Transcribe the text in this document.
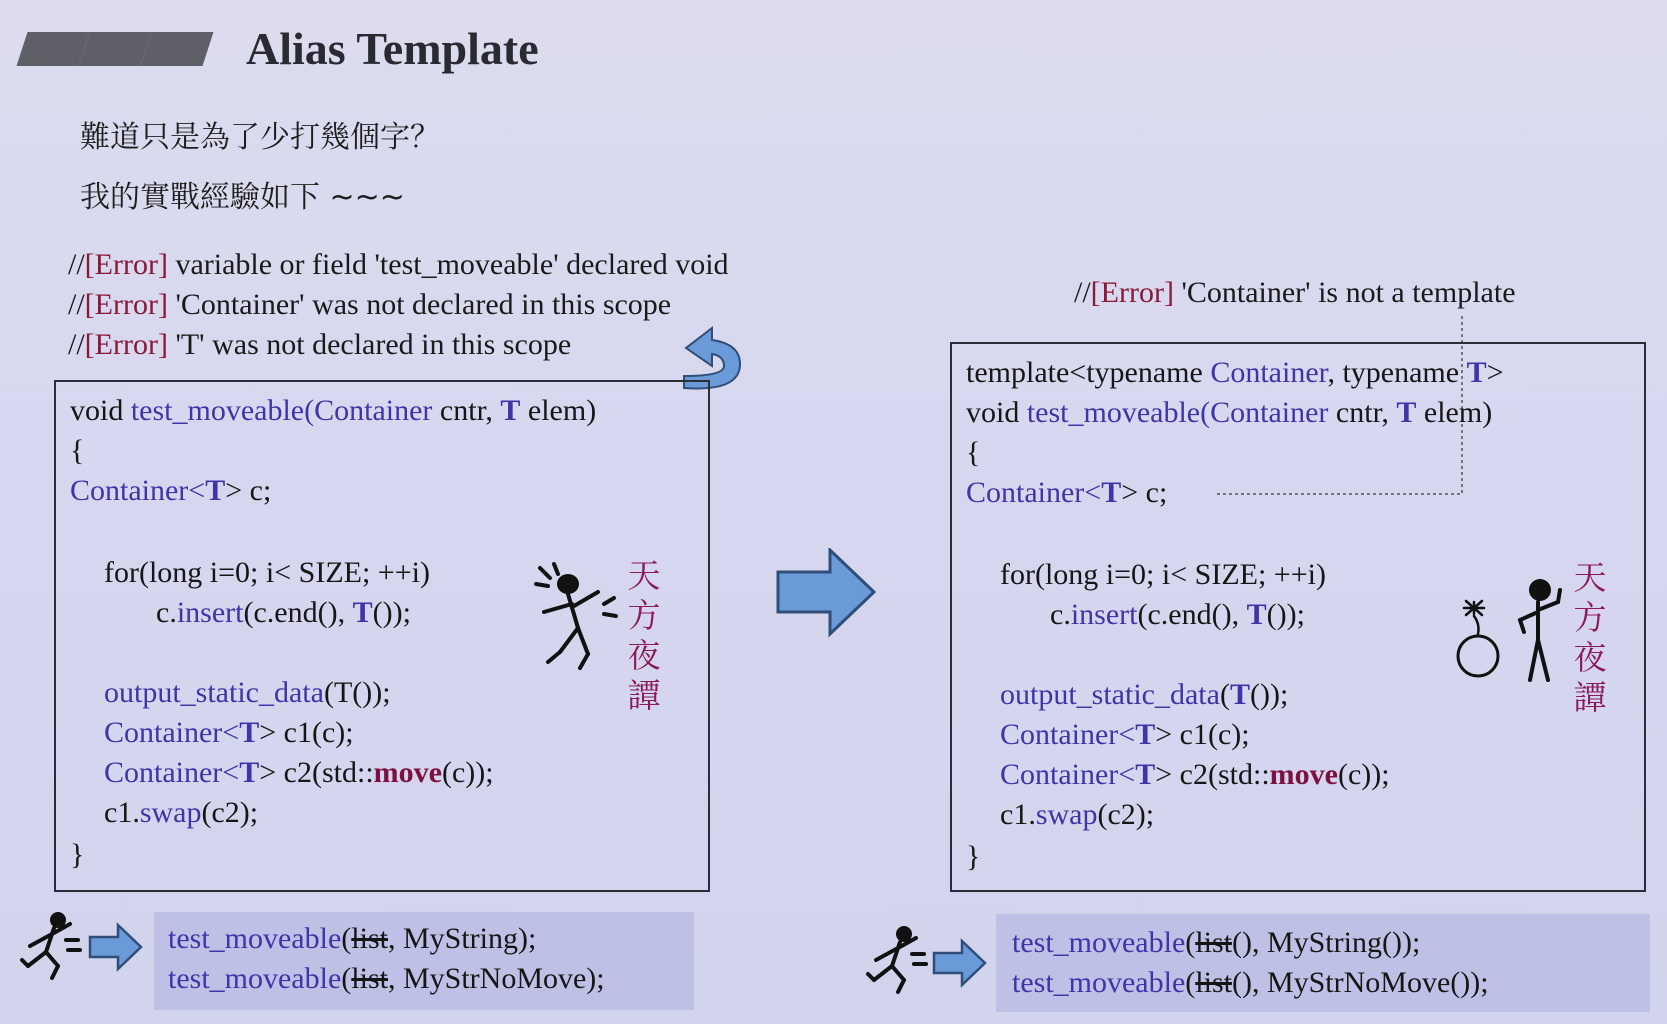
Alias Template
難道只是為了少打幾個字？
我的實戰經驗如下 ~~~
//[Error] variable or field 'test_moveable' declared void
//[Error] 'Container' was not declared in this scope
//[Error] 'T' was not declared in this scope
void test_moveable(Container cntr, T elem)
{
Container<T> c;
for(long i=0; i< SIZE; ++i)
c.insert(c.end(), T());
output_static_data(T());
Container<T> c1(c);
Container<T> c2(std::move(c));
c1.swap(c2);
}
天
方
夜
譚
//[Error] 'Container' is not a template
template<typename Container, typename T>
void test_moveable(Container cntr, T elem)
{
Container<T> c;
for(long i=0; i< SIZE; ++i)
c.insert(c.end(), T());
output_static_data(T());
Container<T> c1(c);
Container<T> c2(std::move(c));
c1.swap(c2);
}
天
方
夜
譚
test_moveable(list, MyString);
test_moveable(list, MyStrNoMove);
test_moveable(list(), MyString());
test_moveable(list(), MyStrNoMove());
